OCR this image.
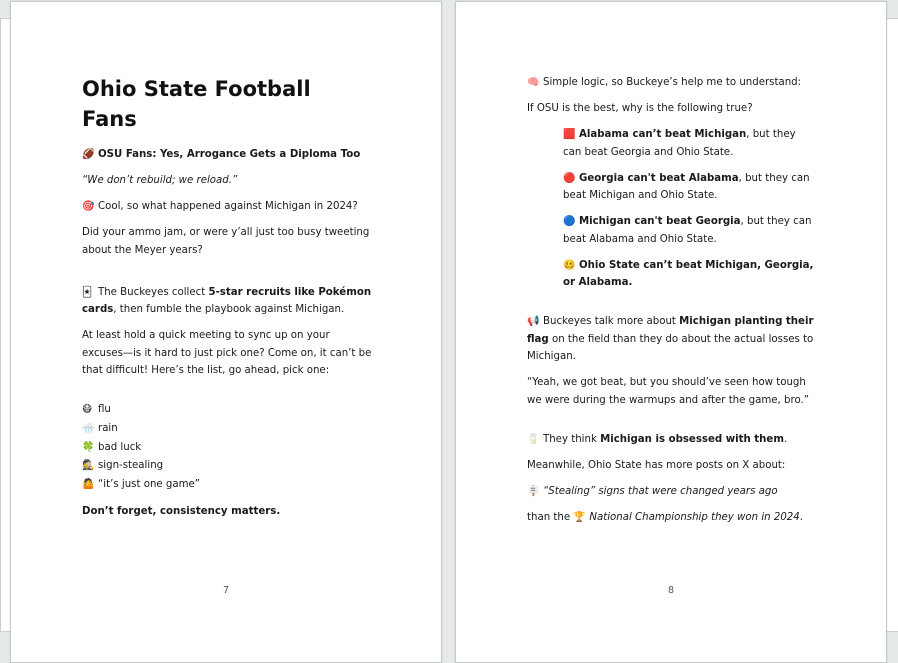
Ohio State Football Fans

🏈 OSU Fans: Yes, Arrogance Gets a Diploma Too

“We don’t rebuild; we reload.”

🎯 Cool, so what happened against Michigan in 2024?

Did your ammo jam, or were y’all just too busy tweeting about the Meyer years?

🃏 The Buckeyes collect 5-star recruits like Pokémon cards, then fumble the playbook against Michigan.

At least hold a quick meeting to sync up on your excuses—is it hard to just pick one? Come on, it can’t be that difficult! Here’s the list, go ahead, pick one:

😷 flu
🌧️ rain
🍀 bad luck
🕵️ sign-stealing
🤷 “it’s just one game”

Don’t forget, consistency matters.

7

🧠 Simple logic, so Buckeye’s help me to understand:

If OSU is the best, why is the following true?

🟥 Alabama can’t beat Michigan, but they can beat Georgia and Ohio State.

🔴 Georgia can't beat Alabama, but they can beat Michigan and Ohio State.

🔵 Michigan can't beat Georgia, but they can beat Alabama and Ohio State.

🥴 Ohio State can’t beat Michigan, Georgia, or Alabama.

📢 Buckeyes talk more about Michigan planting their flag on the field than they do about the actual losses to Michigan.

“Yeah, we got beat, but you should’ve seen how tough we were during the warmups and after the game, bro.”

🥛 They think Michigan is obsessed with them.

Meanwhile, Ohio State has more posts on X about:

🪧 “Stealing” signs that were changed years ago

than the 🏆 National Championship they won in 2024.

8
